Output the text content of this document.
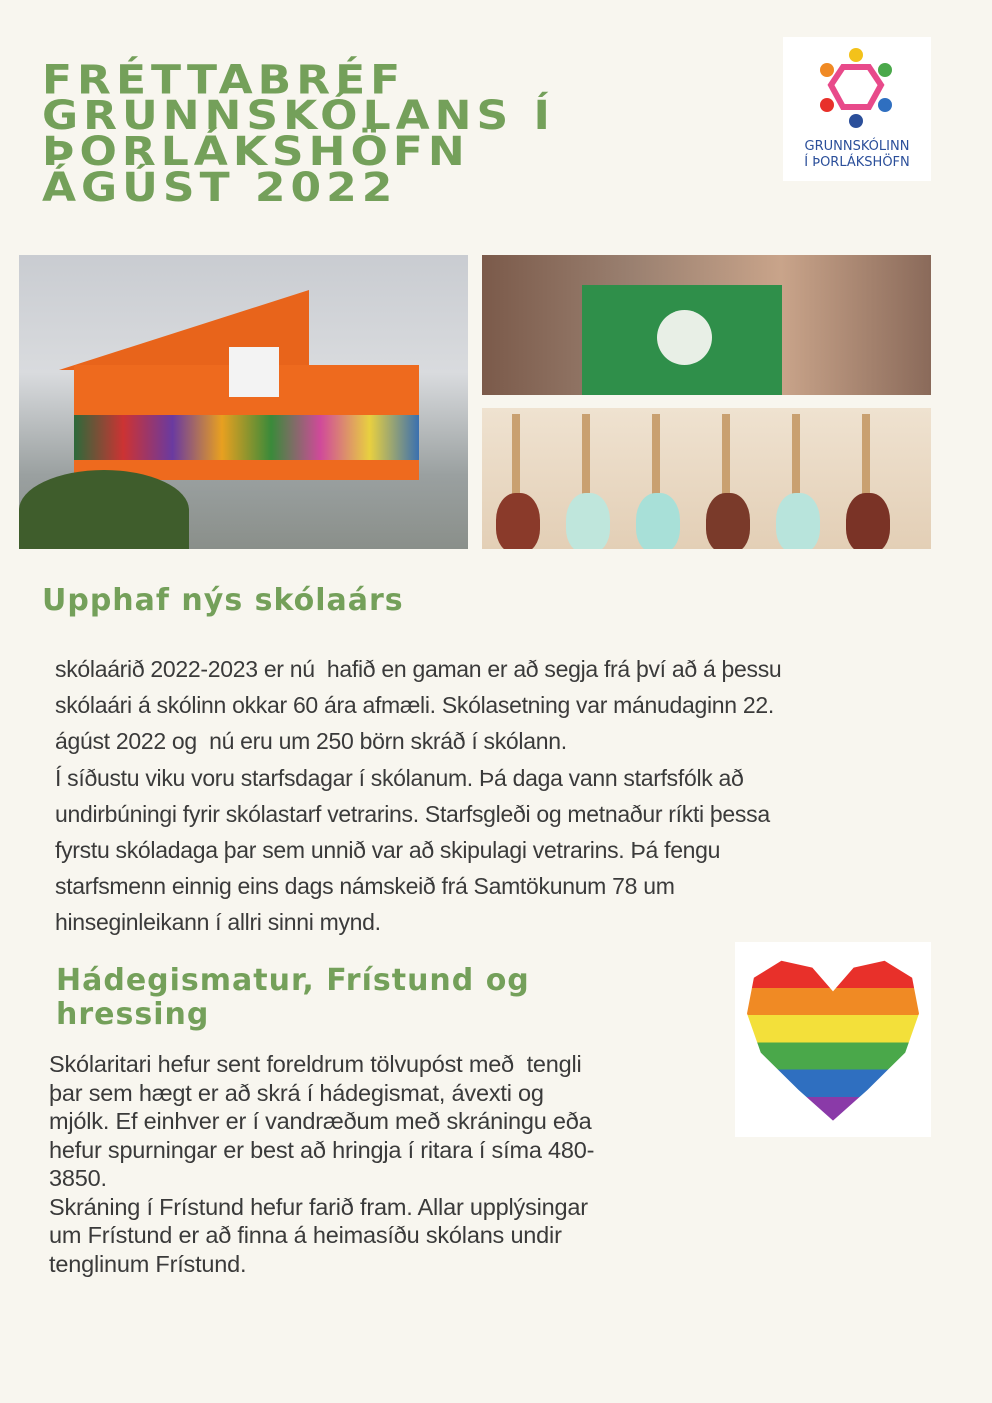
FRÉTTABRÉF
GRUNNSKÓLANS Í
ÞORLÁKSHÖFN
ÁGÚST 2022
GRUNNSKÓLINN
Í ÞORLÁKSHÖFN
Upphaf nýs skólaárs
skólaárið 2022-2023 er nú  hafið en gaman er að segja frá því að á þessu
skólaári á skólinn okkar 60 ára afmæli. Skólasetning var mánudaginn 22.
ágúst 2022 og  nú eru um 250 börn skráð í skólann.
Í síðustu viku voru starfsdagar í skólanum. Þá daga vann starfsfólk að
undirbúningi fyrir skólastarf vetrarins. Starfsgleði og metnaður ríkti þessa
fyrstu skóladaga þar sem unnið var að skipulagi vetrarins. Þá fengu
starfsmenn einnig eins dags námskeið frá Samtökunum 78 um
hinseginleikann í allri sinni mynd.
Hádegismatur, Frístund og
hressing
Skólaritari hefur sent foreldrum tölvupóst með  tengli
þar sem hægt er að skrá í hádegismat, ávexti og
mjólk. Ef einhver er í vandræðum með skráningu eða
hefur spurningar er best að hringja í ritara í síma 480-
3850.
Skráning í Frístund hefur farið fram. Allar upplýsingar
um Frístund er að finna á heimasíðu skólans undir
tenglinum Frístund.
